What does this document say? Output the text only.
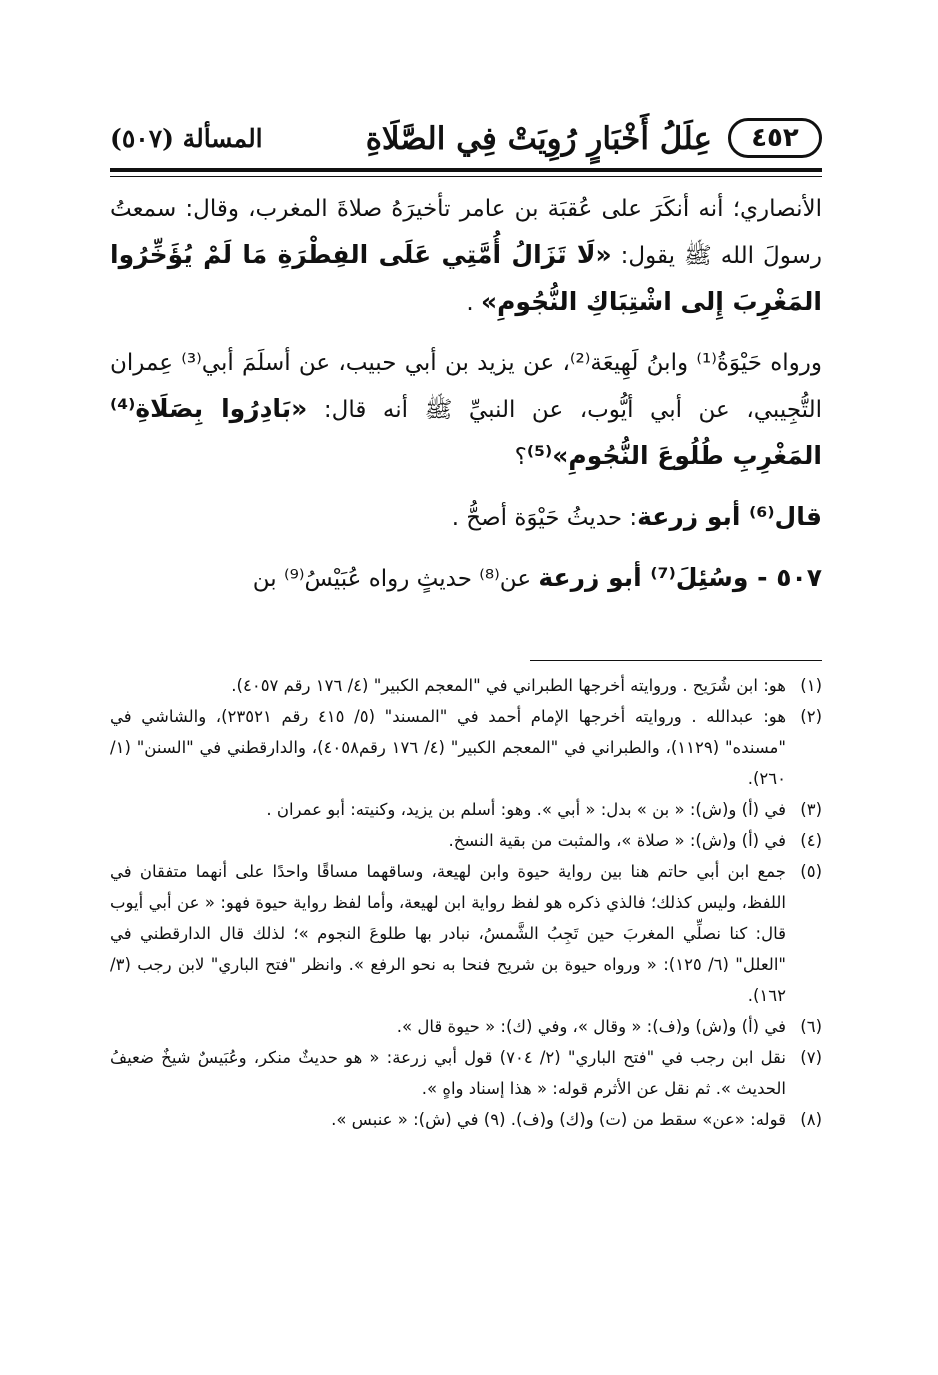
٤٥٢
عِلَلُ أَخْبَارٍ رُوِيَتْ فِي الصَّلَاةِ
المسألة (٥٠٧)

الأنصاري؛ أنه أنكَرَ على عُقبَة بن عامر تأخيرَهُ صلاةَ المغرب، وقال: سمعتُ رسولَ الله ﷺ يقول: «لَا تَزَالُ أُمَّتِي عَلَى الفِطْرَةِ مَا لَمْ يُؤَخِّرُوا المَغْرِبَ إِلى اشْتِبَاكِ النُّجُومِ» .

ورواه حَيْوَةُ⁽¹⁾ وابنُ لَهِيعَة⁽²⁾، عن يزيد بن أبي حبيب، عن أسلَمَ أبي⁽³⁾ عِمران التُّجِيبي، عن أبي أيُّوب، عن النبيِّ ﷺ أنه قال: «بَادِرُوا بِصَلَاةِ⁽⁴⁾ المَغْرِبِ طُلُوعَ النُّجُومِ»⁽⁵⁾؟

قال⁽⁶⁾ أبو زرعة: حديثُ حَيْوَة أصحُّ .

٥٠٧ - وسُئِلَ⁽⁷⁾ أبو زرعة عن⁽⁸⁾ حديثٍ رواه عُبَيْسُ⁽⁹⁾ بن

(١)
هو: ابن شُرَيح . وروايته أخرجها الطبراني في "المعجم الكبير" (٤/ ١٧٦ رقم ٤٠٥٧).
(٢)
هو: عبدالله . وروايته أخرجها الإمام أحمد في "المسند" (٥/ ٤١٥ رقم ٢٣٥٢١)، والشاشي في "مسنده" (١١٢٩)، والطبراني في "المعجم الكبير" (٤/ ١٧٦ رقم٤٠٥٨)، والدارقطني في "السنن" (١/ ٢٦٠).
(٣)
في (أ) و(ش): « بن » بدل: « أبي ». وهو: أسلم بن يزيد، وكنيته: أبو عمران .
(٤)
في (أ) و(ش): « صلاة »، والمثبت من بقية النسخ.
(٥)
جمع ابن أبي حاتم هنا بين رواية حيوة وابن لهيعة، وساقهما مساقًا واحدًا على أنهما متفقان في اللفظ، وليس كذلك؛ فالذي ذكره هو لفظ رواية ابن لهيعة، وأما لفظ رواية حيوة فهو: « عن أبي أيوب قال: كنا نصلِّي المغربَ حين تَجِبُ الشَّمسُ، نبادر بها طلوعَ النجوم »؛ لذلك قال الدارقطني في "العلل" (٦/ ١٢٥): « ورواه حيوة بن شريح فنحا به نحو الرفع ». وانظر "فتح الباري" لابن رجب (٣/ ١٦٢).
(٦)
في (أ) و(ش) و(ف): « وقال »، وفي (ك): « حيوة قال ».
(٧)
نقل ابن رجب في "فتح الباري" (٢/ ٧٠٤) قول أبي زرعة: « هو حديثٌ منكر، وعُبَيسٌ شيخٌ ضعيفُ الحديث ». ثم نقل عن الأثرم قوله: « هذا إسناد واهٍ ».
(٨)
قوله: «عن» سقط من (ت) و(ك) و(ف). (٩) في (ش): « عنبس ».
